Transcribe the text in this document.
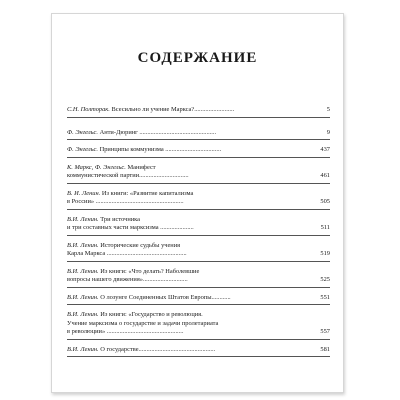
СОДЕРЖАНИЕ
С.Н. Полторак. Всесильно ли учение Маркса?.........................	5
Ф. Энгельс. Анти-Дюринг ................................................	9
Ф. Энгельс. Принципы коммунизма ...................................	437
К. Маркс, Ф. Энгельс. Манифест
коммунистической партии...............................	461
В. И. Ленин. Из книги: «Развитие капитализма
в России» .......................................................	505
В.И. Ленин. Три источника
и три составных части марксизма .....................	511
В.И. Ленин. Исторические судьбы учения
Карла Маркса ..................................................	519
В.И. Ленин. Из книги: «Что делать? Наболевшие
вопросы нашего движения»............................	525
В.И. Ленин. О лозунге Соединенных Штатов Европы............	551
В.И. Ленин. Из книги: «Государство и революция.
Учение марксизма о государстве и задачи пролетариата
в революции» ................................................	557
В.И. Ленин. О государстве................................................	581
